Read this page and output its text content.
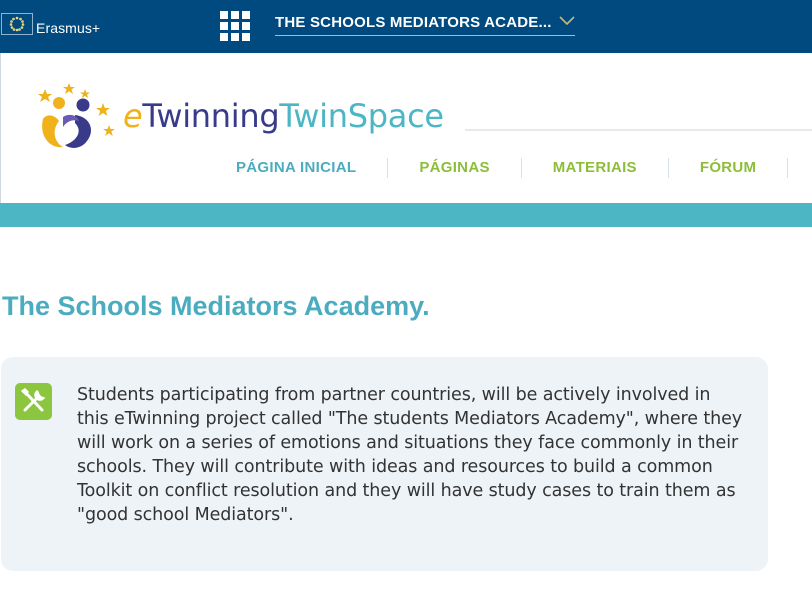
Erasmus+	THE SCHOOLS MEDIATORS ACADE...
eTwinningTwinSpace
PÁGINA INICIAL	PÁGINAS	MATERIAIS	FÓRUM
The Schools Mediators Academy.

Students participating from partner countries, will be actively involved in this eTwinning project called "The students Mediators Academy", where they will work on a series of emotions and situations they face commonly in their schools. They will contribute with ideas and resources to build a common Toolkit on conflict resolution and they will have study cases to train them as "good school Mediators".
